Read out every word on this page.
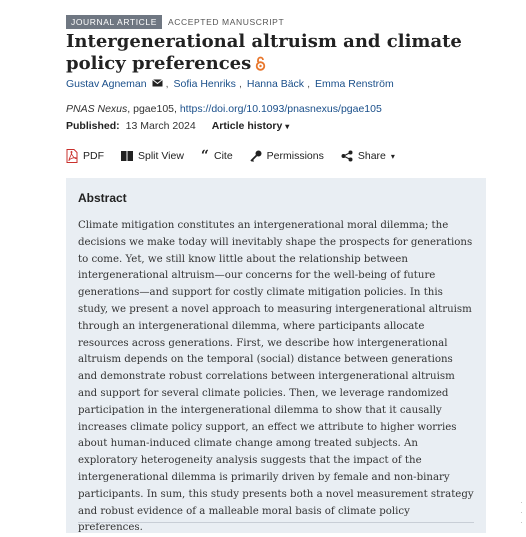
JOURNAL ARTICLE	ACCEPTED MANUSCRIPT
Intergenerational altruism and climate policy preferences
Gustav Agneman , Sofia Henriks , Hanna Bäck , Emma Renström
PNAS Nexus, pgae105, https://doi.org/10.1093/pnasnexus/pgae105
Published: 13 March 2024 Article history ▾
PDF	Split View “ Cite	Permissions	Share ▾
Abstract

Climate mitigation constitutes an intergenerational moral dilemma; the decisions we make today will inevitably shape the prospects for generations to come. Yet, we still know little about the relationship between intergenerational altruism—our concerns for the well-being of future generations—and support for costly climate mitigation policies. In this study, we present a novel approach to measuring intergenerational altruism through an intergenerational dilemma, where participants allocate resources across generations. First, we describe how intergenerational altruism depends on the temporal (social) distance between generations and demonstrate robust correlations between intergenerational altruism and support for several climate policies. Then, we leverage randomized participation in the intergenerational dilemma to show that it causally increases climate policy support, an effect we attribute to higher worries about human-induced climate change among treated subjects. An exploratory heterogeneity analysis suggests that the impact of the intergenerational dilemma is primarily driven by female and non-binary participants. In sum, this study presents both a novel measurement strategy and robust evidence of a malleable moral basis of climate policy preferences.

·
·
·
